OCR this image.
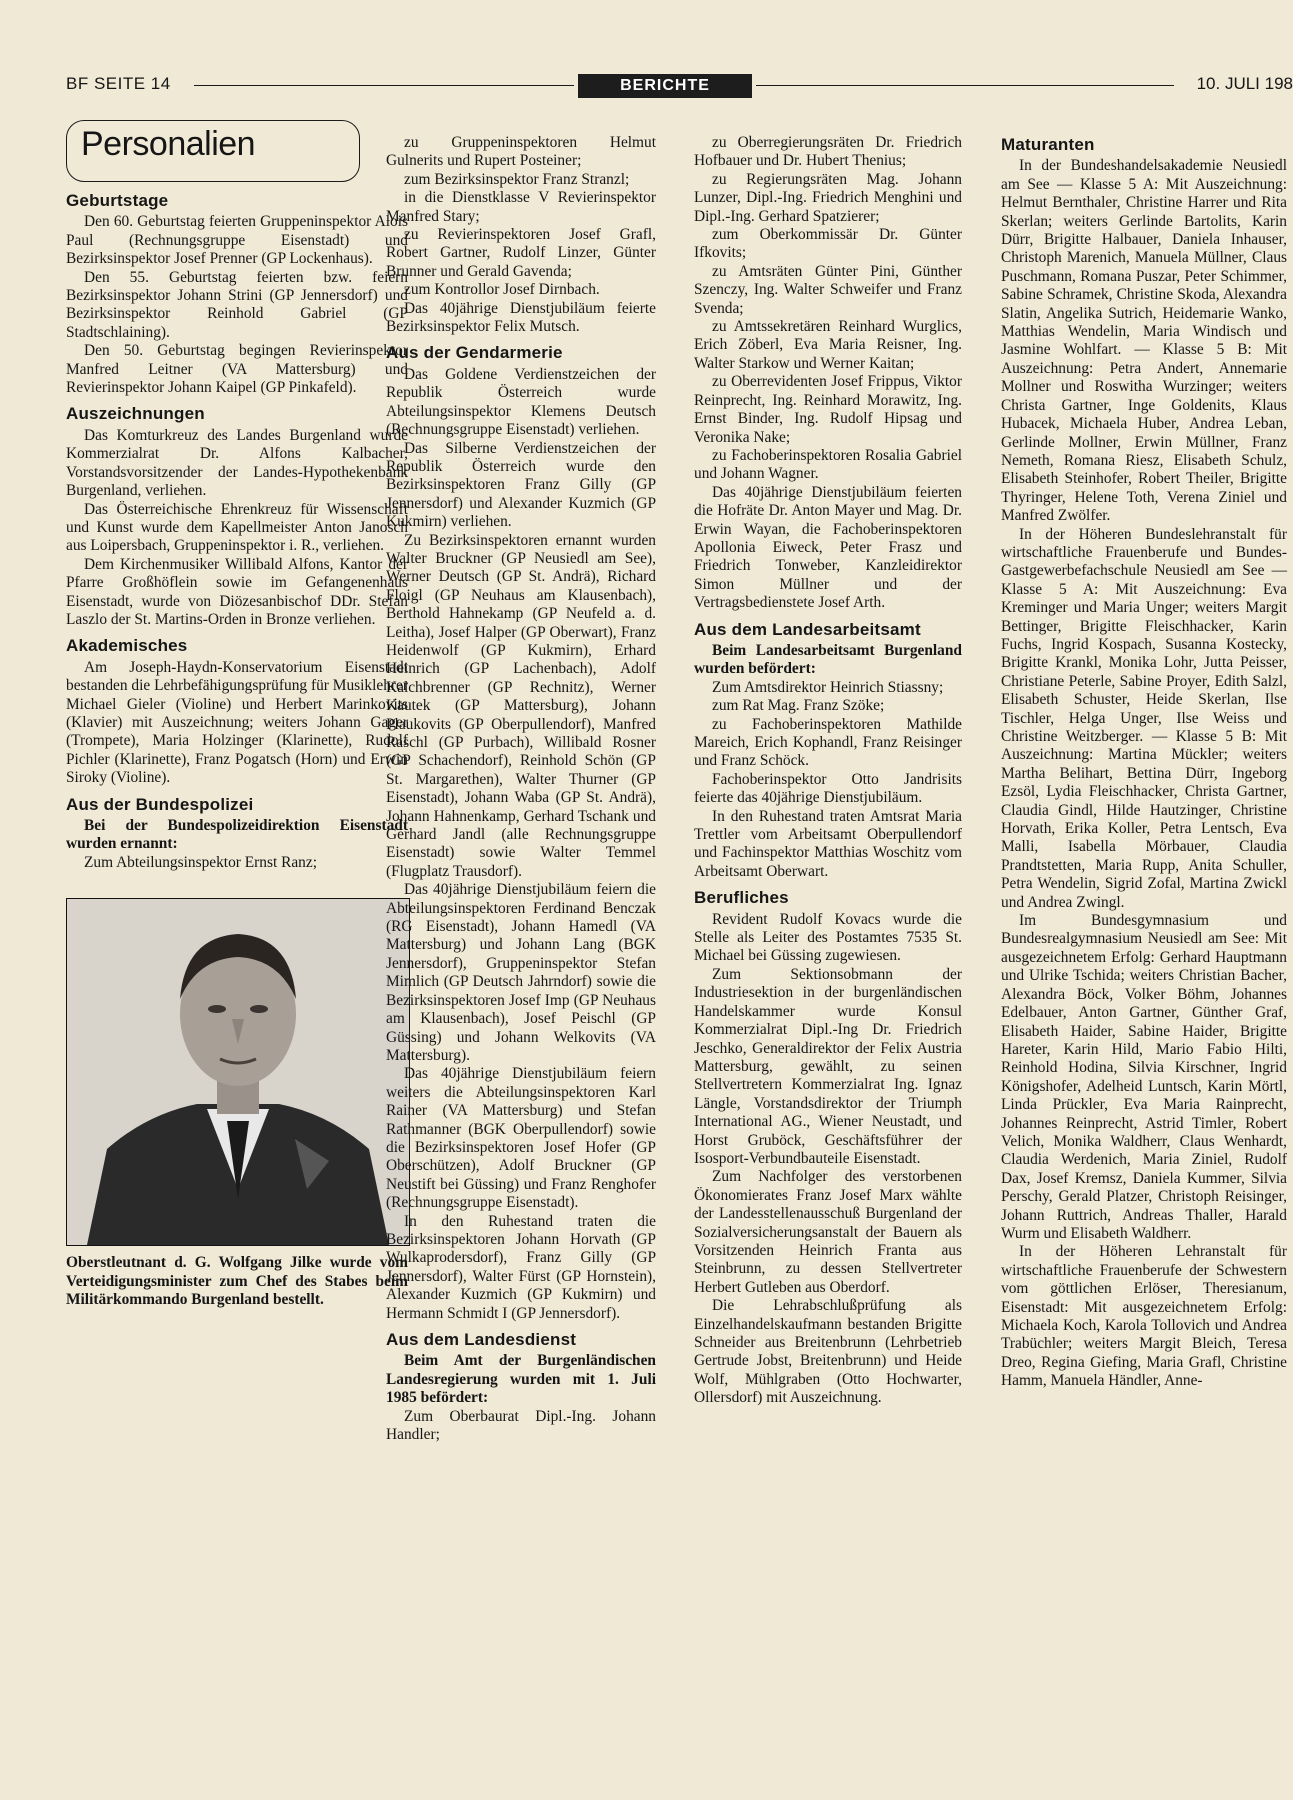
BF SEITE 14	BERICHTE	10. JULI 198
Personalien
Geburtstage

Den 60. Geburtstag feierten Gruppeninspektor Alois Paul (Rechnungsgruppe Eisenstadt) und Bezirksinspektor Josef Prenner (GP Lockenhaus).

Den 55. Geburtstag feierten bzw. feiern Bezirksinspektor Johann Strini (GP Jennersdorf) und Bezirksinspektor Reinhold Gabriel (GP Stadtschlaining).

Den 50. Geburtstag begingen Revierinspektor Manfred Leitner (VA Mattersburg) und Revierinspektor Johann Kaipel (GP Pinkafeld).

Auszeichnungen

Das Komturkreuz des Landes Burgenland wurde Kommerzialrat Dr. Alfons Kalbacher, Vorstandsvorsitzender der Landes-Hypothekenbank Burgenland, verliehen.

Das Österreichische Ehrenkreuz für Wissenschaft und Kunst wurde dem Kapellmeister Anton Janosch aus Loipersbach, Gruppeninspektor i. R., verliehen.

Dem Kirchenmusiker Willibald Alfons, Kantor der Pfarre Großhöflein sowie im Gefangenenhaus Eisenstadt, wurde von Diözesanbischof DDr. Stefan Laszlo der St. Martins-Orden in Bronze verliehen.

Akademisches

Am Joseph-Haydn-Konservatorium Eisenstadt bestanden die Lehrbefähigungsprüfung für Musiklehrer Michael Gieler (Violine) und Herbert Marinkovits (Klavier) mit Auszeichnung; weiters Johann Gager (Trompete), Maria Holzinger (Klarinette), Rudolf Pichler (Klarinette), Franz Pogatsch (Horn) und Erwin Siroky (Violine).

Aus der Bundespolizei

Bei der Bundespolizeidirektion Eisenstadt wurden ernannt:

Zum Abteilungsinspektor Ernst Ranz;

Oberstleutnant d. G. Wolfgang Jilke wurde vom Verteidigungsminister zum Chef des Stabes beim Militärkommando Burgenland bestellt.

zu Gruppeninspektoren Helmut Gulnerits und Rupert Posteiner;

zum Bezirksinspektor Franz Stranzl;

in die Dienstklasse V Revierinspektor Manfred Stary;

zu Revierinspektoren Josef Grafl, Robert Gartner, Rudolf Linzer, Günter Brunner und Gerald Gavenda;

zum Kontrollor Josef Dirnbach.

Das 40jährige Dienstjubiläum feierte Bezirksinspektor Felix Mutsch.

Aus der Gendarmerie

Das Goldene Verdienstzeichen der Republik Österreich wurde Abteilungsinspektor Klemens Deutsch (Rechnungsgruppe Eisenstadt) verliehen.

Das Silberne Verdienstzeichen der Republik Österreich wurde den Bezirksinspektoren Franz Gilly (GP Jennersdorf) und Alexander Kuzmich (GP Kukmirn) verliehen.

Zu Bezirksinspektoren ernannt wurden Walter Bruckner (GP Neusiedl am See), Werner Deutsch (GP St. Andrä), Richard Floigl (GP Neuhaus am Klausenbach), Berthold Hahnekamp (GP Neufeld a. d. Leitha), Josef Halper (GP Oberwart), Franz Heidenwolf (GP Kukmirn), Erhard Heinrich (GP Lachenbach), Adolf Kalchbrenner (GP Rechnitz), Werner Kautek (GP Mattersburg), Johann Plaukovits (GP Oberpullendorf), Manfred Raschl (GP Purbach), Willibald Rosner (GP Schachendorf), Reinhold Schön (GP St. Margarethen), Walter Thurner (GP Eisenstadt), Johann Waba (GP St. Andrä), Johann Hahnenkamp, Gerhard Tschank und Gerhard Jandl (alle Rechnungsgruppe Eisenstadt) sowie Walter Temmel (Flugplatz Trausdorf).

Das 40jährige Dienstjubiläum feiern die Abteilungsinspektoren Ferdinand Benczak (RG Eisenstadt), Johann Hamedl (VA Mattersburg) und Johann Lang (BGK Jennersdorf), Gruppeninspektor Stefan Mimlich (GP Deutsch Jahrndorf) sowie die Bezirksinspektoren Josef Imp (GP Neuhaus am Klausenbach), Josef Peischl (GP Güssing) und Johann Welkovits (VA Mattersburg).

Das 40jährige Dienstjubiläum feiern weiters die Abteilungsinspektoren Karl Rainer (VA Mattersburg) und Stefan Rathmanner (BGK Oberpullendorf) sowie die Bezirksinspektoren Josef Hofer (GP Oberschützen), Adolf Bruckner (GP Neustift bei Güssing) und Franz Renghofer (Rechnungsgruppe Eisenstadt).

In den Ruhestand traten die Bezirksinspektoren Johann Horvath (GP Wulkaprodersdorf), Franz Gilly (GP Jennersdorf), Walter Fürst (GP Hornstein), Alexander Kuzmich (GP Kukmirn) und Hermann Schmidt I (GP Jennersdorf).

Aus dem Landesdienst

Beim Amt der Burgenländischen Landesregierung wurden mit 1. Juli 1985 befördert:

Zum Oberbaurat Dipl.-Ing. Johann Handler;

zu Oberregierungsräten Dr. Friedrich Hofbauer und Dr. Hubert Thenius;

zu Regierungsräten Mag. Johann Lunzer, Dipl.-Ing. Friedrich Menghini und Dipl.-Ing. Gerhard Spatzierer;

zum Oberkommissär Dr. Günter Ifkovits;

zu Amtsräten Günter Pini, Günther Szenczy, Ing. Walter Schweifer und Franz Svenda;

zu Amtssekretären Reinhard Wurglics, Erich Zöberl, Eva Maria Reisner, Ing. Walter Starkow und Werner Kaitan;

zu Oberrevidenten Josef Frippus, Viktor Reinprecht, Ing. Reinhard Morawitz, Ing. Ernst Binder, Ing. Rudolf Hipsag und Veronika Nake;

zu Fachoberinspektoren Rosalia Gabriel und Johann Wagner.

Das 40jährige Dienstjubiläum feierten die Hofräte Dr. Anton Mayer und Mag. Dr. Erwin Wayan, die Fachoberinspektoren Apollonia Eiweck, Peter Frasz und Friedrich Tonweber, Kanzleidirektor Simon Müllner und der Vertragsbedienstete Josef Arth.

Aus dem Landesarbeitsamt

Beim Landesarbeitsamt Burgenland wurden befördert:

Zum Amtsdirektor Heinrich Stiassny;

zum Rat Mag. Franz Szöke;

zu Fachoberinspektoren Mathilde Mareich, Erich Kophandl, Franz Reisinger und Franz Schöck.

Fachoberinspektor Otto Jandrisits feierte das 40jährige Dienstjubiläum.

In den Ruhestand traten Amtsrat Maria Trettler vom Arbeitsamt Oberpullendorf und Fachinspektor Matthias Woschitz vom Arbeitsamt Oberwart.

Berufliches

Revident Rudolf Kovacs wurde die Stelle als Leiter des Postamtes 7535 St. Michael bei Güssing zugewiesen.

Zum Sektionsobmann der Industriesektion in der burgenländischen Handelskammer wurde Konsul Kommerzialrat Dipl.-Ing Dr. Friedrich Jeschko, Generaldirektor der Felix Austria Mattersburg, gewählt, zu seinen Stellvertretern Kommerzialrat Ing. Ignaz Längle, Vorstandsdirektor der Triumph International AG., Wiener Neustadt, und Horst Gruböck, Geschäftsführer der Isosport-Verbundbauteile Eisenstadt.

Zum Nachfolger des verstorbenen Ökonomierates Franz Josef Marx wählte der Landesstellenausschuß Burgenland der Sozialversicherungsanstalt der Bauern als Vorsitzenden Heinrich Franta aus Steinbrunn, zu dessen Stellvertreter Herbert Gutleben aus Oberdorf.

Die Lehrabschlußprüfung als Einzelhandelskaufmann bestanden Brigitte Schneider aus Breitenbrunn (Lehrbetrieb Gertrude Jobst, Breitenbrunn) und Heide Wolf, Mühlgraben (Otto Hochwarter, Ollersdorf) mit Auszeichnung.

Maturanten

In der Bundeshandelsakademie Neusiedl am See — Klasse 5 A: Mit Auszeichnung: Helmut Bernthaler, Christine Harrer und Rita Skerlan; weiters Gerlinde Bartolits, Karin Dürr, Brigitte Halbauer, Daniela Inhauser, Christoph Marenich, Manuela Müllner, Claus Puschmann, Romana Puszar, Peter Schimmer, Sabine Schramek, Christine Skoda, Alexandra Slatin, Angelika Sutrich, Heidemarie Wanko, Matthias Wendelin, Maria Windisch und Jasmine Wohlfart. — Klasse 5 B: Mit Auszeichnung: Petra Andert, Annemarie Mollner und Roswitha Wurzinger; weiters Christa Gartner, Inge Goldenits, Klaus Hubacek, Michaela Huber, Andrea Leban, Gerlinde Mollner, Erwin Müllner, Franz Nemeth, Romana Riesz, Elisabeth Schulz, Elisabeth Steinhofer, Robert Theiler, Brigitte Thyringer, Helene Toth, Verena Ziniel und Manfred Zwölfer.

In der Höheren Bundeslehranstalt für wirtschaftliche Frauenberufe und Bundes-Gastgewerbefachschule Neusiedl am See — Klasse 5 A: Mit Auszeichnung: Eva Kreminger und Maria Unger; weiters Margit Bettinger, Brigitte Fleischhacker, Karin Fuchs, Ingrid Kospach, Susanna Kostecky, Brigitte Krankl, Monika Lohr, Jutta Peisser, Christiane Peterle, Sabine Proyer, Edith Salzl, Elisabeth Schuster, Heide Skerlan, Ilse Tischler, Helga Unger, Ilse Weiss und Christine Weitzberger. — Klasse 5 B: Mit Auszeichnung: Martina Mückler; weiters Martha Belihart, Bettina Dürr, Ingeborg Ezsöl, Lydia Fleischhacker, Christa Gartner, Claudia Gindl, Hilde Hautzinger, Christine Horvath, Erika Koller, Petra Lentsch, Eva Malli, Isabella Mörbauer, Claudia Prandtstetten, Maria Rupp, Anita Schuller, Petra Wendelin, Sigrid Zofal, Martina Zwickl und Andrea Zwingl.

Im Bundesgymnasium und Bundesrealgymnasium Neusiedl am See: Mit ausgezeichnetem Erfolg: Gerhard Hauptmann und Ulrike Tschida; weiters Christian Bacher, Alexandra Böck, Volker Böhm, Johannes Edelbauer, Anton Gartner, Günther Graf, Elisabeth Haider, Sabine Haider, Brigitte Hareter, Karin Hild, Mario Fabio Hilti, Reinhold Hodina, Silvia Kirschner, Ingrid Königshofer, Adelheid Luntsch, Karin Mörtl, Linda Prückler, Eva Maria Rainprecht, Johannes Reinprecht, Astrid Timler, Robert Velich, Monika Waldherr, Claus Wenhardt, Claudia Werdenich, Maria Ziniel, Rudolf Dax, Josef Kremsz, Daniela Kummer, Silvia Perschy, Gerald Platzer, Christoph Reisinger, Johann Ruttrich, Andreas Thaller, Harald Wurm und Elisabeth Waldherr.

In der Höheren Lehranstalt für wirtschaftliche Frauenberufe der Schwestern vom göttlichen Erlöser, Theresianum, Eisenstadt: Mit ausgezeichnetem Erfolg: Michaela Koch, Karola Tollovich und Andrea Trabüchler; weiters Margit Bleich, Teresa Dreo, Regina Giefing, Maria Grafl, Christine Hamm, Manuela Händler, Anne-
